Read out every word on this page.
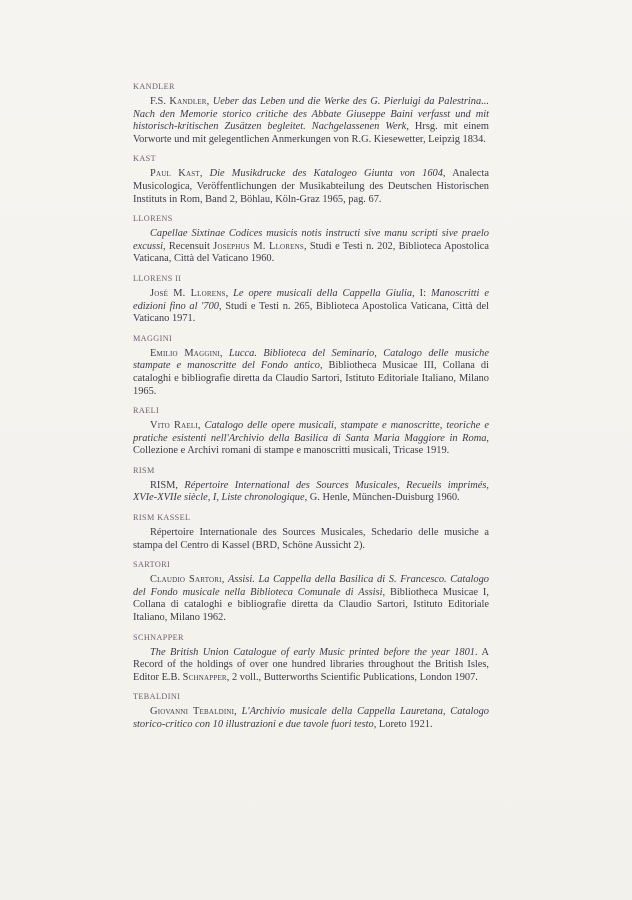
KANDLER
F.S. Kandler, Ueber das Leben und die Werke des G. Pierluigi da Palestrina... Nach den Memorie storico critiche des Abbate Giuseppe Baini verfasst und mit historisch-kritischen Zusätzen begleitet. Nachgelassenen Werk, Hrsg. mit einem Vorworte und mit gelegentlichen Anmerkungen von R.G. Kiesewetter, Leipzig 1834.
KAST
Paul Kast, Die Musikdrucke des Katalogeo Giunta von 1604, Analecta Musicologica, Veröffentlichungen der Musikabteilung des Deutschen Historischen Instituts in Rom, Band 2, Böhlau, Köln-Graz 1965, pag. 67.
LLORENS
Capellae Sixtinae Codices musicis notis instructi sive manu scripti sive praelo excussi, Recensuit Josephus M. Llorens, Studi e Testi n. 202, Biblioteca Apostolica Vaticana, Città del Vaticano 1960.
LLORENS II
José M. Llorens, Le opere musicali della Cappella Giulia, I: Manoscritti e edizioni fino al '700, Studi e Testi n. 265, Biblioteca Apostolica Vaticana, Città del Vaticano 1971.
MAGGINI
Emilio Maggini, Lucca. Biblioteca del Seminario, Catalogo delle musiche stampate e manoscritte del Fondo antico, Bibliotheca Musicae III, Collana di cataloghi e bibliografie diretta da Claudio Sartori, Istituto Editoriale Italiano, Milano 1965.
RAELI
Vito Raeli, Catalogo delle opere musicali, stampate e manoscritte, teoriche e pratiche esistenti nell'Archivio della Basilica di Santa Maria Maggiore in Roma, Collezione e Archivi romani di stampe e manoscritti musicali, Tricase 1919.
RISM
RISM, Répertoire International des Sources Musicales, Recueils imprimés, XVIe-XVIIe siècle, I, Liste chronologique, G. Henle, München-Duisburg 1960.
RISM KASSEL
Répertoire Internationale des Sources Musicales, Schedario delle musiche a stampa del Centro di Kassel (BRD, Schöne Aussicht 2).
SARTORI
Claudio Sartori, Assisi. La Cappella della Basilica di S. Francesco. Catalogo del Fondo musicale nella Biblioteca Comunale di Assisi, Bibliotheca Musicae I, Collana di cataloghi e bibliografie diretta da Claudio Sartori, Istituto Editoriale Italiano, Milano 1962.
SCHNAPPER
The British Union Catalogue of early Music printed before the year 1801. A Record of the holdings of over one hundred libraries throughout the British Isles, Editor E.B. Schnapper, 2 voll., Butterworths Scientific Publications, London 1907.
TEBALDINI
Giovanni Tebaldini, L'Archivio musicale della Cappella Lauretana, Catalogo storico-critico con 10 illustrazioni e due tavole fuori testo, Loreto 1921.
